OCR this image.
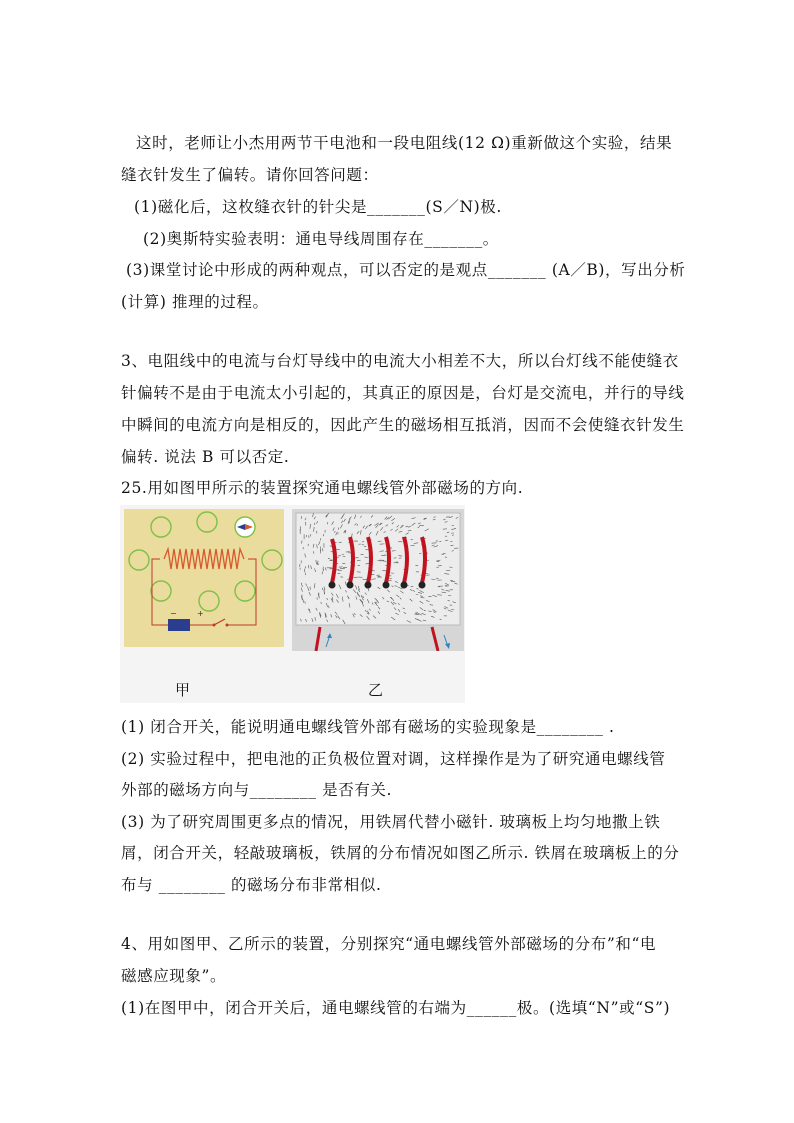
这时，老师让小杰用两节干电池和一段电阻线(12 Ω)重新做这个实验，结果
缝衣针发生了偏转。请你回答问题：
(1)磁化后，这枚缝衣针的针尖是_______(S／N)极.
(2)奥斯特实验表明：通电导线周围存在_______。
(3)课堂讨论中形成的两种观点，可以否定的是观点_______ (A／B)，写出分析
(计算) 推理的过程。
3、电阻线中的电流与台灯导线中的电流大小相差不大，所以台灯线不能使缝衣
针偏转不是由于电流太小引起的，其真正的原因是，台灯是交流电，并行的导线
中瞬间的电流方向是相反的，因此产生的磁场相互抵消，因而不会使缝衣针发生
偏转. 说法 B 可以否定.
25.用如图甲所示的装置探究通电螺线管外部磁场的方向.
−	+
甲	乙
(1) 闭合开关，能说明通电螺线管外部有磁场的实验现象是________ .
(2) 实验过程中，把电池的正负极位置对调，这样操作是为了研究通电螺线管
外部的磁场方向与________ 是否有关.
(3) 为了研究周围更多点的情况，用铁屑代替小磁针. 玻璃板上均匀地撒上铁
屑，闭合开关，轻敲玻璃板，铁屑的分布情况如图乙所示. 铁屑在玻璃板上的分
布与 ________ 的磁场分布非常相似.
4、用如图甲、乙所示的装置，分别探究“通电螺线管外部磁场的分布”和“电
磁感应现象”。
(1)在图甲中，闭合开关后，通电螺线管的右端为______极。(选填“N”或“S”)
